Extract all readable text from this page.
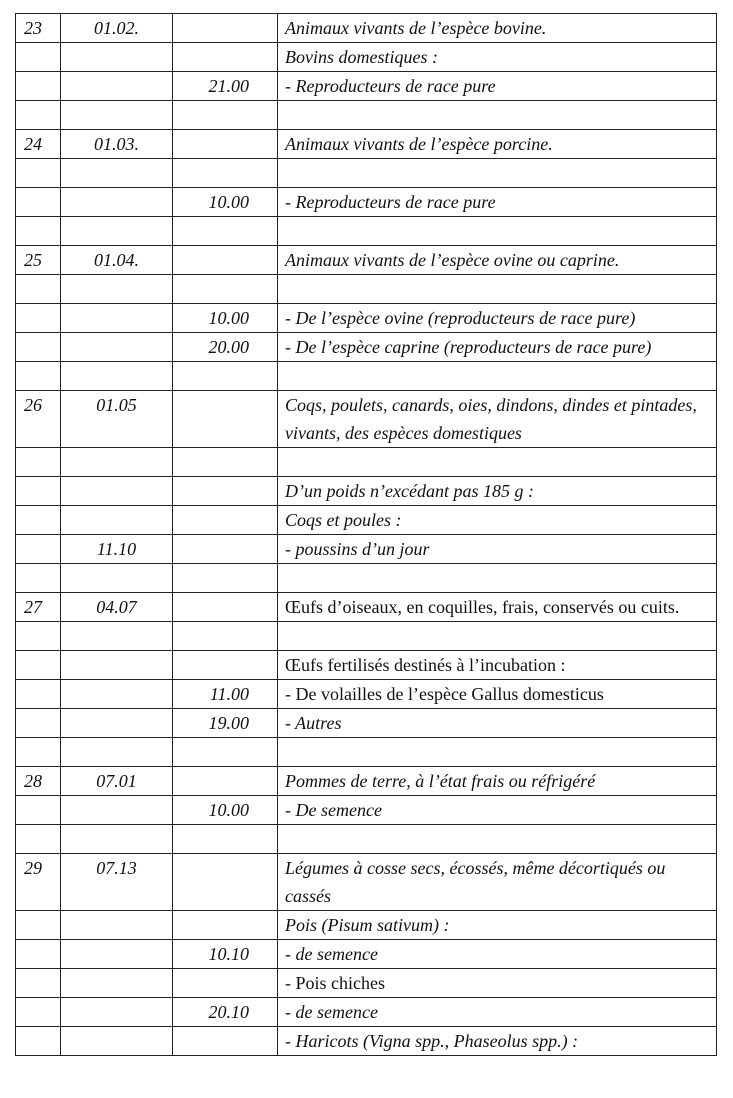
23	01.02.		Animaux vivants de l’espèce bovine.
			Bovins domestiques :
		21.00	- Reproducteurs de race pure

24	01.03.		Animaux vivants de l’espèce porcine.

		10.00	- Reproducteurs de race pure

25	01.04.		Animaux vivants de l’espèce ovine ou caprine.

		10.00	- De l’espèce ovine (reproducteurs de race pure)
		20.00	- De l’espèce caprine (reproducteurs de race pure)

26	01.05		Coqs, poulets, canards, oies, dindons, dindes et pintades, vivants, des espèces domestiques

			D’un poids n’excédant pas 185 g :
			Coqs et poules :
	11.10		- poussins d’un jour

27	04.07		Œufs d’oiseaux, en coquilles, frais, conservés ou cuits.

			Œufs fertilisés destinés à l’incubation :
		11.00	- De volailles de l’espèce Gallus domesticus
		19.00	- Autres

28	07.01		Pommes de terre, à l’état frais ou réfrigéré
		10.00	- De semence

29	07.13		Légumes à cosse secs, écossés, même décortiqués ou cassés
			Pois (Pisum sativum) :
		10.10	- de semence
			- Pois chiches
		20.10	- de semence
			- Haricots (Vigna spp., Phaseolus spp.) :
